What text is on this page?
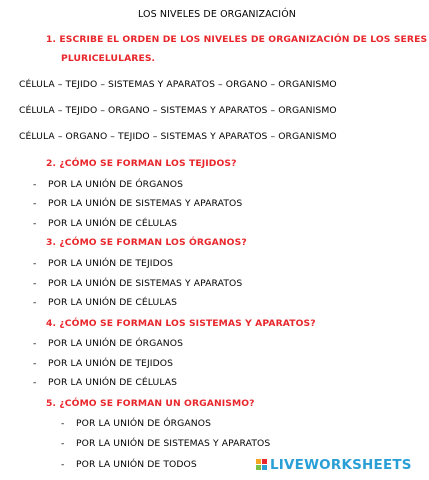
LOS NIVELES DE ORGANIZACIÓN
1. ESCRIBE EL ORDEN DE LOS NIVELES DE ORGANIZACIÓN DE LOS SERES
PLURICELULARES.
CÉLULA – TEJIDO – SISTEMAS Y APARATOS – ORGANO – ORGANISMO
CÉLULA – TEJIDO – ORGANO – SISTEMAS Y APARATOS – ORGANISMO
CÉLULA – ORGANO – TEJIDO – SISTEMAS Y APARATOS – ORGANISMO
2. ¿CÓMO SE FORMAN LOS TEJIDOS?
- POR LA UNIÓN DE ÓRGANOS
- POR LA UNIÓN DE SISTEMAS Y APARATOS
- POR LA UNIÓN DE CÉLULAS
3. ¿CÓMO SE FORMAN LOS ÓRGANOS?
- POR LA UNIÓN DE TEJIDOS
- POR LA UNIÓN DE SISTEMAS Y APARATOS
- POR LA UNIÓN DE CÉLULAS
4. ¿CÓMO SE FORMAN LOS SISTEMAS Y APARATOS?
- POR LA UNIÓN DE ÓRGANOS
- POR LA UNIÓN DE TEJIDOS
- POR LA UNIÓN DE CÉLULAS
5. ¿CÓMO SE FORMAN UN ORGANISMO?
- POR LA UNIÓN DE ÓRGANOS
- POR LA UNIÓN DE SISTEMAS Y APARATOS
- POR LA UNIÓN DE TODOS	LIVEWORKSHEETS
